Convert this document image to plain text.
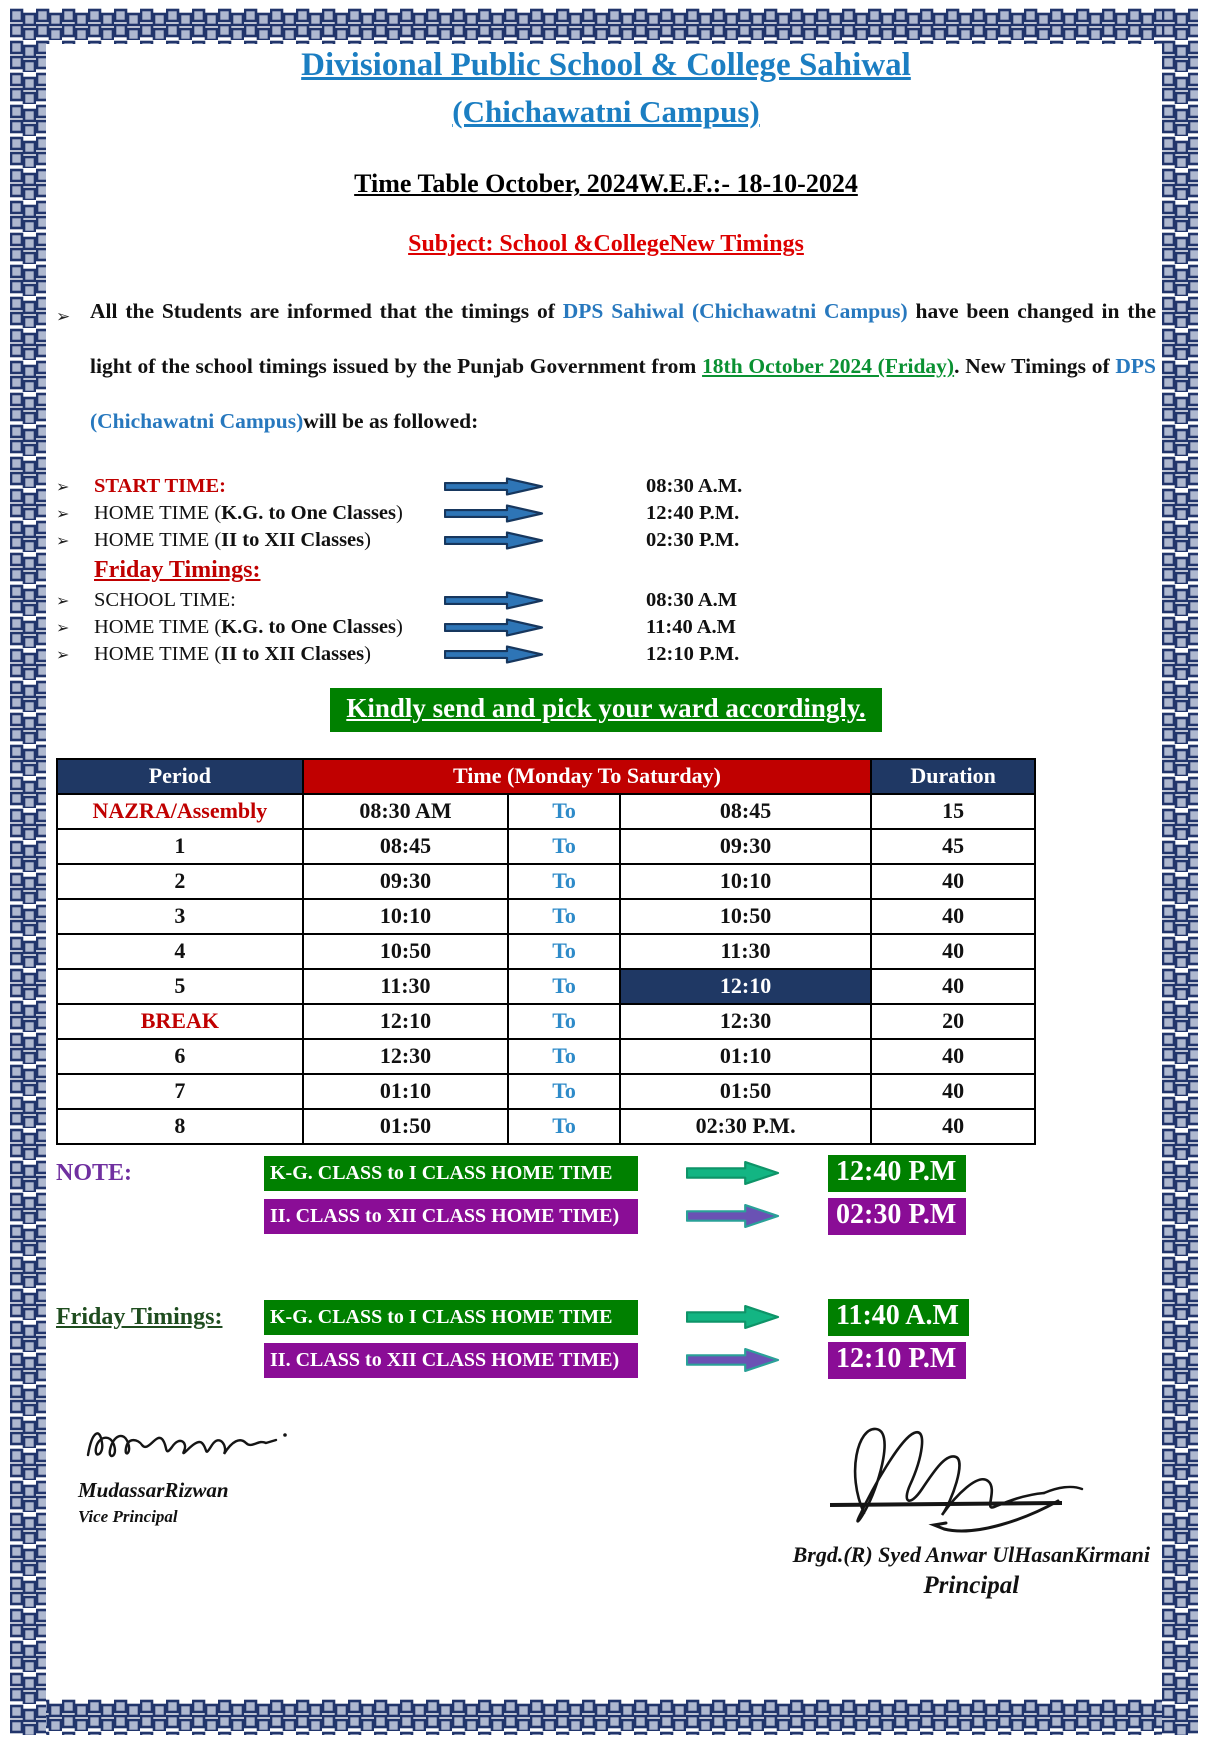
Divisional Public School & College Sahiwal
(Chichawatni Campus)
Time Table October, 2024W.E.F.:- 18-10-2024
Subject: School &CollegeNew Timings
➢ All the Students are informed that the timings of DPS Sahiwal (Chichawatni Campus) have been changed in the light of the school timings issued by the Punjab Government from 18th October 2024 (Friday). New Timings of DPS (Chichawatni Campus)will be as followed:
➢	START TIME:	08:30 A.M.
➢	HOME TIME (K.G. to One Classes)	12:40 P.M.
➢	HOME TIME (II to XII Classes)	02:30 P.M.
Friday Timings:
➢	SCHOOL TIME:	08:30 A.M
➢	HOME TIME (K.G. to One Classes)	11:40 A.M
➢	HOME TIME (II to XII Classes)	12:10 P.M.
Kindly send and pick your ward accordingly.
Period	Time (Monday To Saturday)			Duration
NAZRA/Assembly	08:30 AM	To	08:45	15
1	08:45	To	09:30	45
2	09:30	To	10:10	40
3	10:10	To	10:50	40
4	10:50	To	11:30	40
5	11:30	To	12:10	40
BREAK	12:10	To	12:30	20
6	12:30	To	01:10	40
7	01:10	To	01:50	40
8	01:50	To	02:30 P.M.	40
NOTE:	K-G. CLASS to I CLASS HOME TIME	12:40 P.M
II. CLASS to XII CLASS HOME TIME)	02:30 P.M
Friday Timings:	K-G. CLASS to I CLASS HOME TIME	11:40 A.M
II. CLASS to XII CLASS HOME TIME)	12:10 P.M
MudassarRizwan
Vice Principal
Brgd.(R) Syed Anwar UlHasanKirmani
Principal
